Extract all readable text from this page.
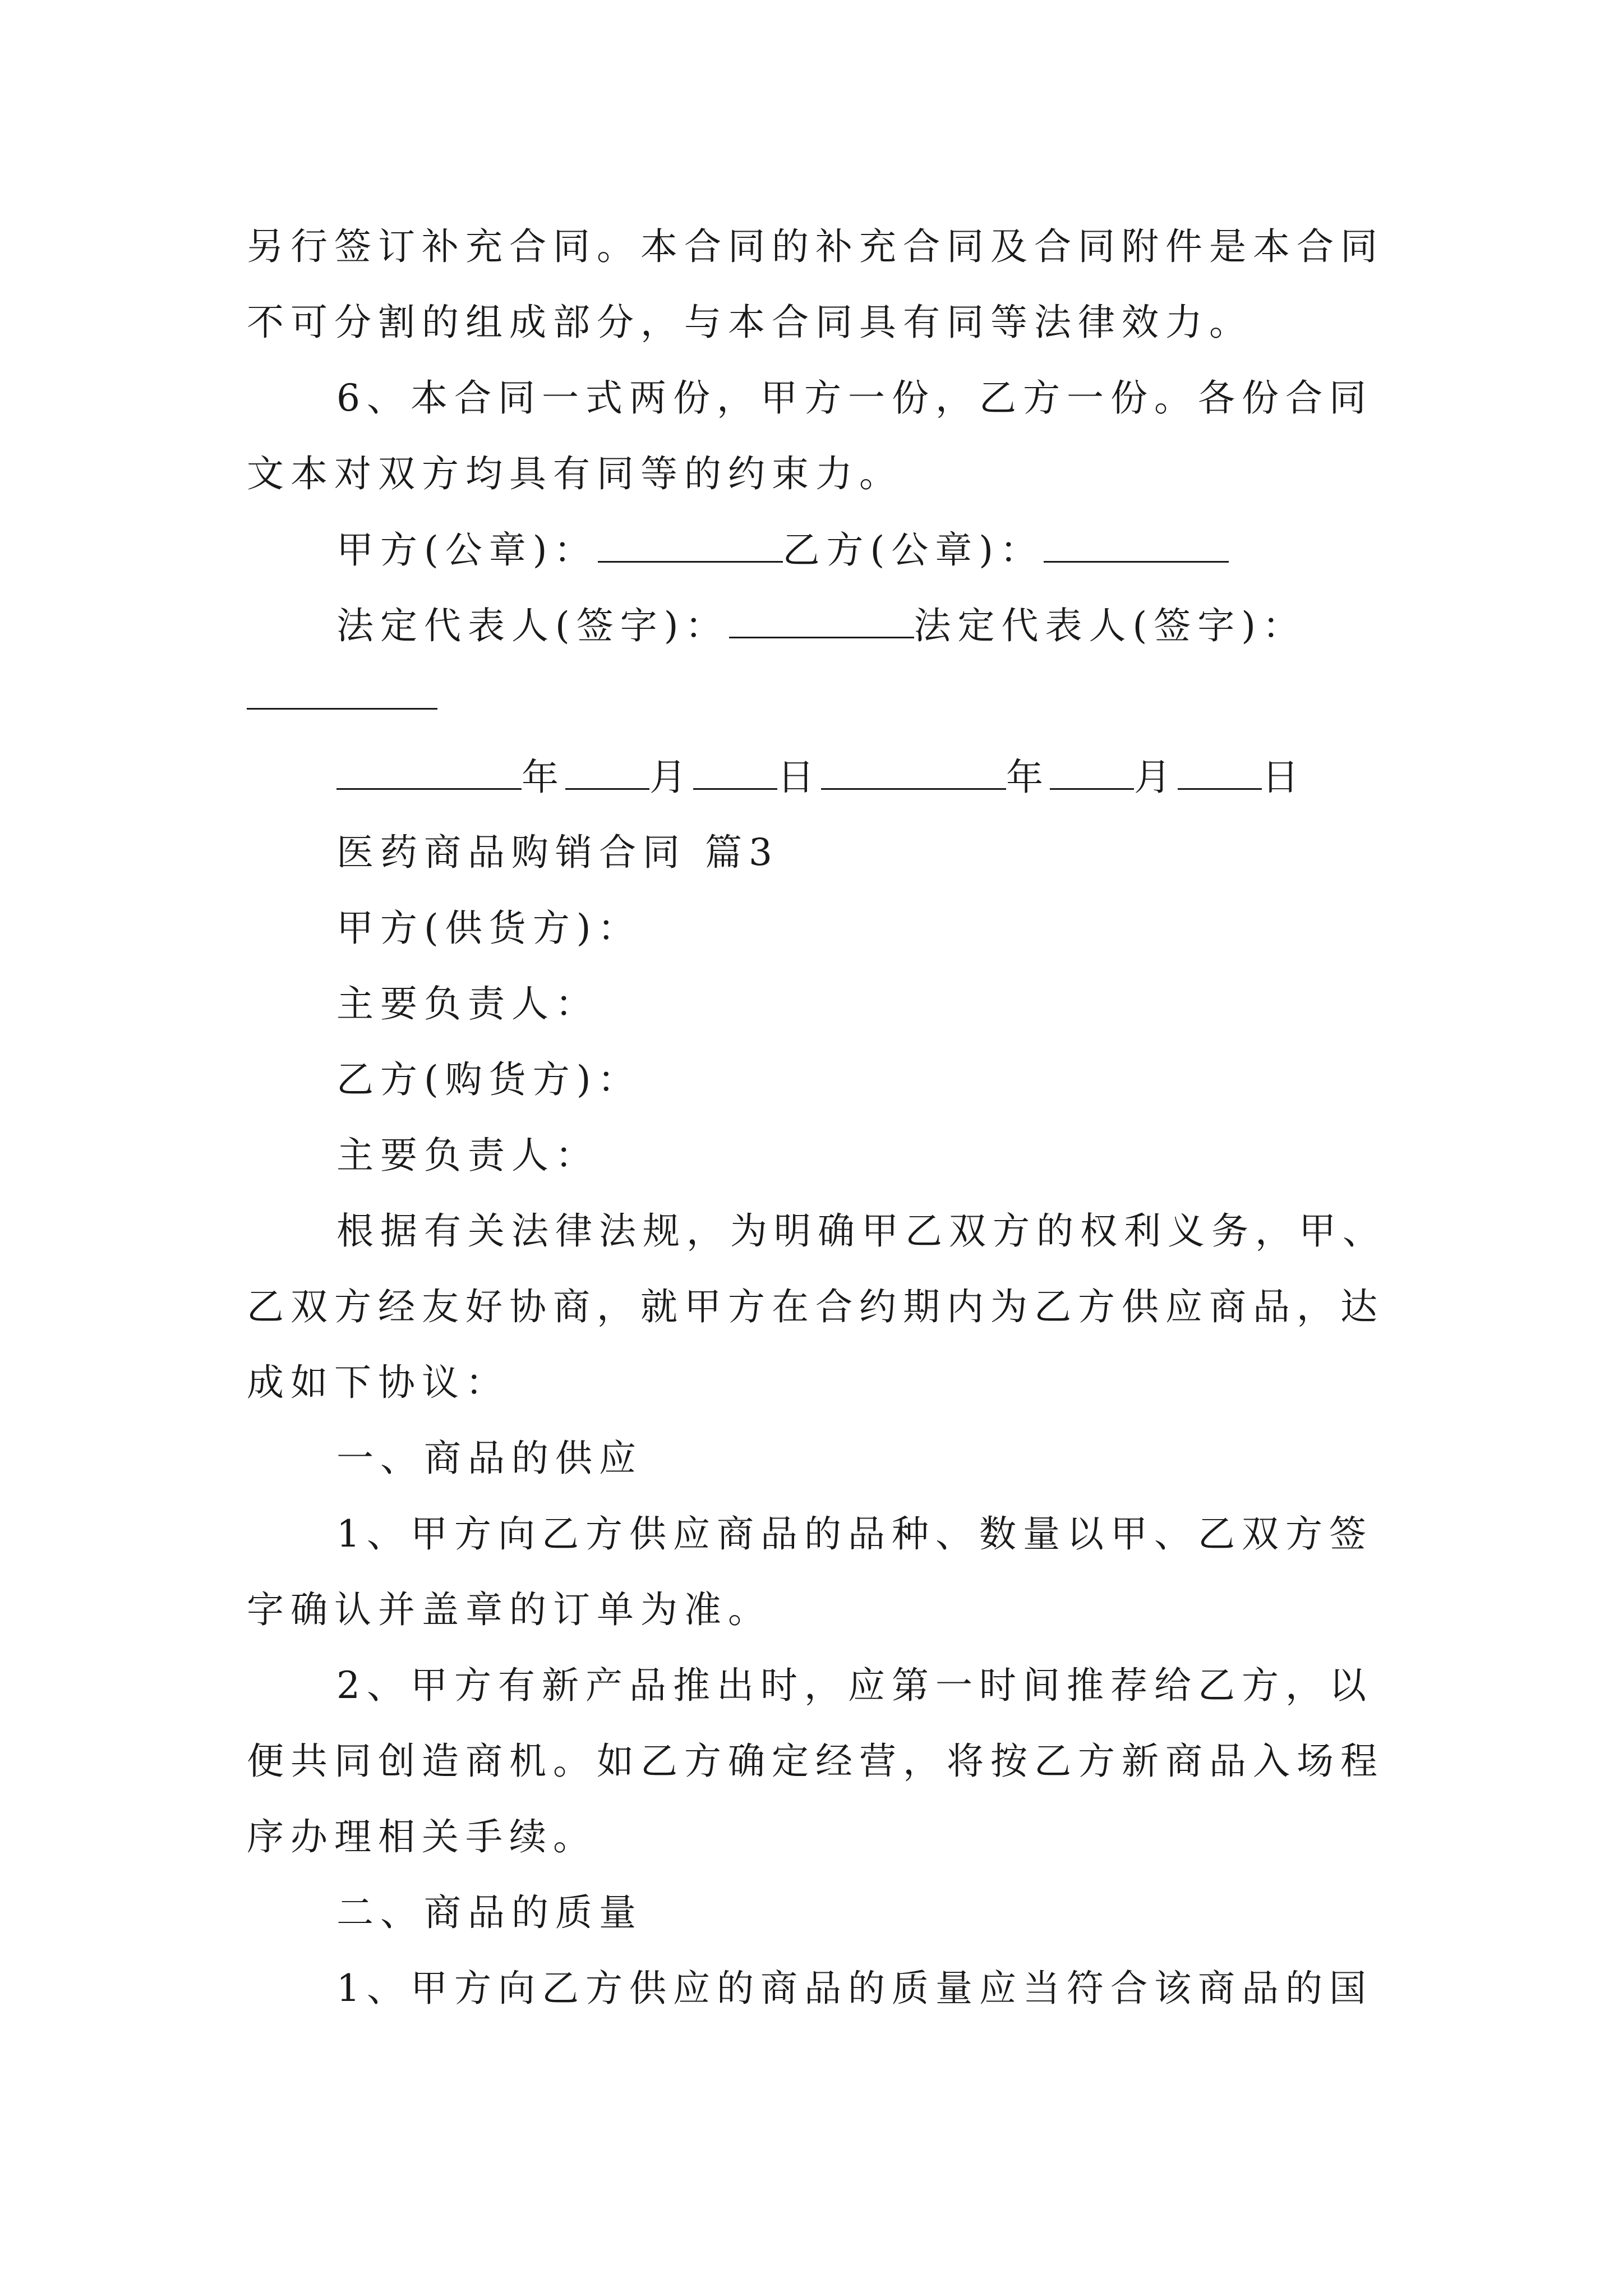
另行签订补充合同。本合同的补充合同及合同附件是本合同
不可分割的组成部分，与本合同具有同等法律效力。
6、本合同一式两份，甲方一份，乙方一份。各份合同
文本对双方均具有同等的约束力。
甲方(公章)：	乙方(公章)：
法定代表人(签字)：	法定代表人(签字)：
年 月 日	年 月 日
医药商品购销合同 篇3
甲方(供货方)：
主要负责人：
乙方(购货方)：
主要负责人：
根据有关法律法规，为明确甲乙双方的权利义务，甲、
乙双方经友好协商，就甲方在合约期内为乙方供应商品，达
成如下协议：
一、商品的供应
1、甲方向乙方供应商品的品种、数量以甲、乙双方签
字确认并盖章的订单为准。
2、甲方有新产品推出时，应第一时间推荐给乙方，以
便共同创造商机。如乙方确定经营，将按乙方新商品入场程
序办理相关手续。
二、商品的质量
1、甲方向乙方供应的商品的质量应当符合该商品的国
